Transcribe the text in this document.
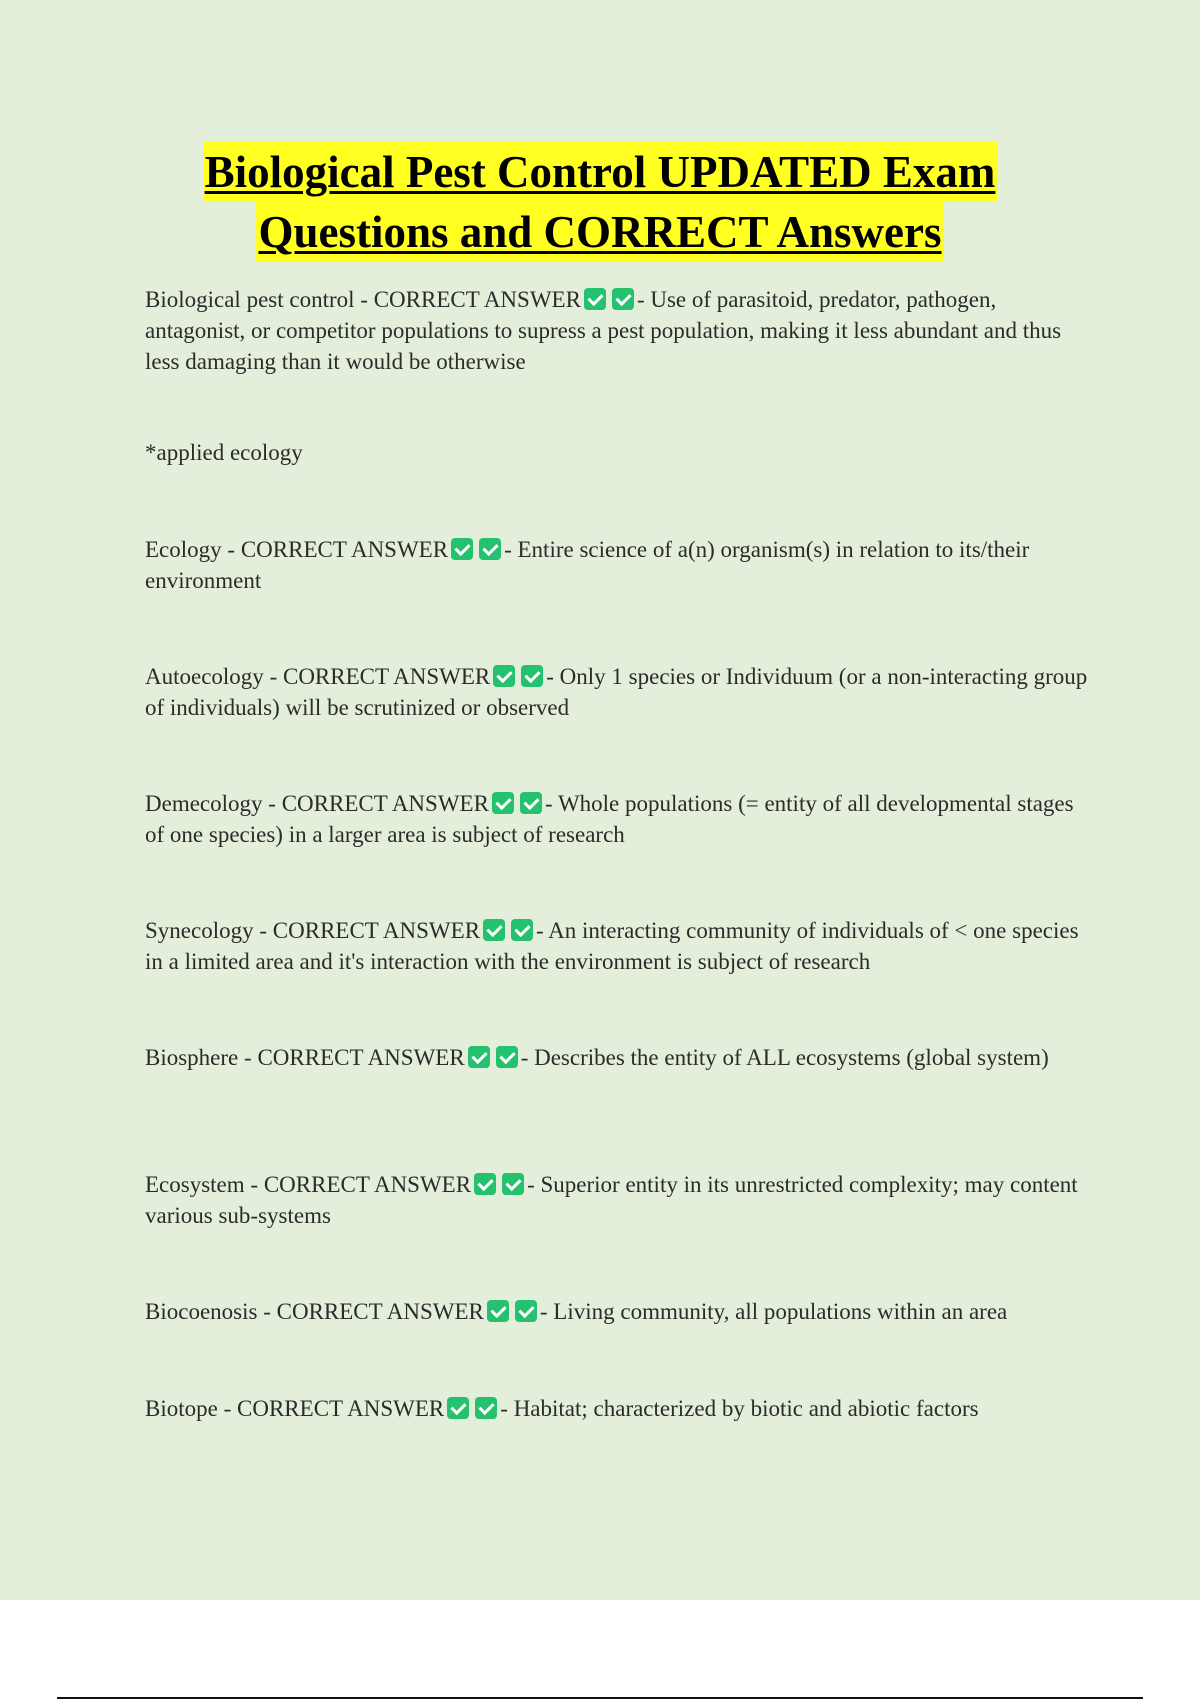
Biological Pest Control UPDATED Exam
Questions and CORRECT Answers
Biological pest control - CORRECT ANSWER - Use of parasitoid, predator, pathogen, antagonist, or competitor populations to supress a pest population, making it less abundant and thus less damaging than it would be otherwise
*applied ecology
Ecology - CORRECT ANSWER - Entire science of a(n) organism(s) in relation to its/their environment
Autoecology - CORRECT ANSWER - Only 1 species or Individuum (or a non-interacting group of individuals) will be scrutinized or observed
Demecology - CORRECT ANSWER - Whole populations (= entity of all developmental stages of one species) in a larger area is subject of research
Synecology - CORRECT ANSWER - An interacting community of individuals of < one species in a limited area and it's interaction with the environment is subject of research
Biosphere - CORRECT ANSWER - Describes the entity of ALL ecosystems (global system)
Ecosystem - CORRECT ANSWER - Superior entity in its unrestricted complexity; may content various sub-systems
Biocoenosis - CORRECT ANSWER - Living community, all populations within an area
Biotope - CORRECT ANSWER - Habitat; characterized by biotic and abiotic factors
